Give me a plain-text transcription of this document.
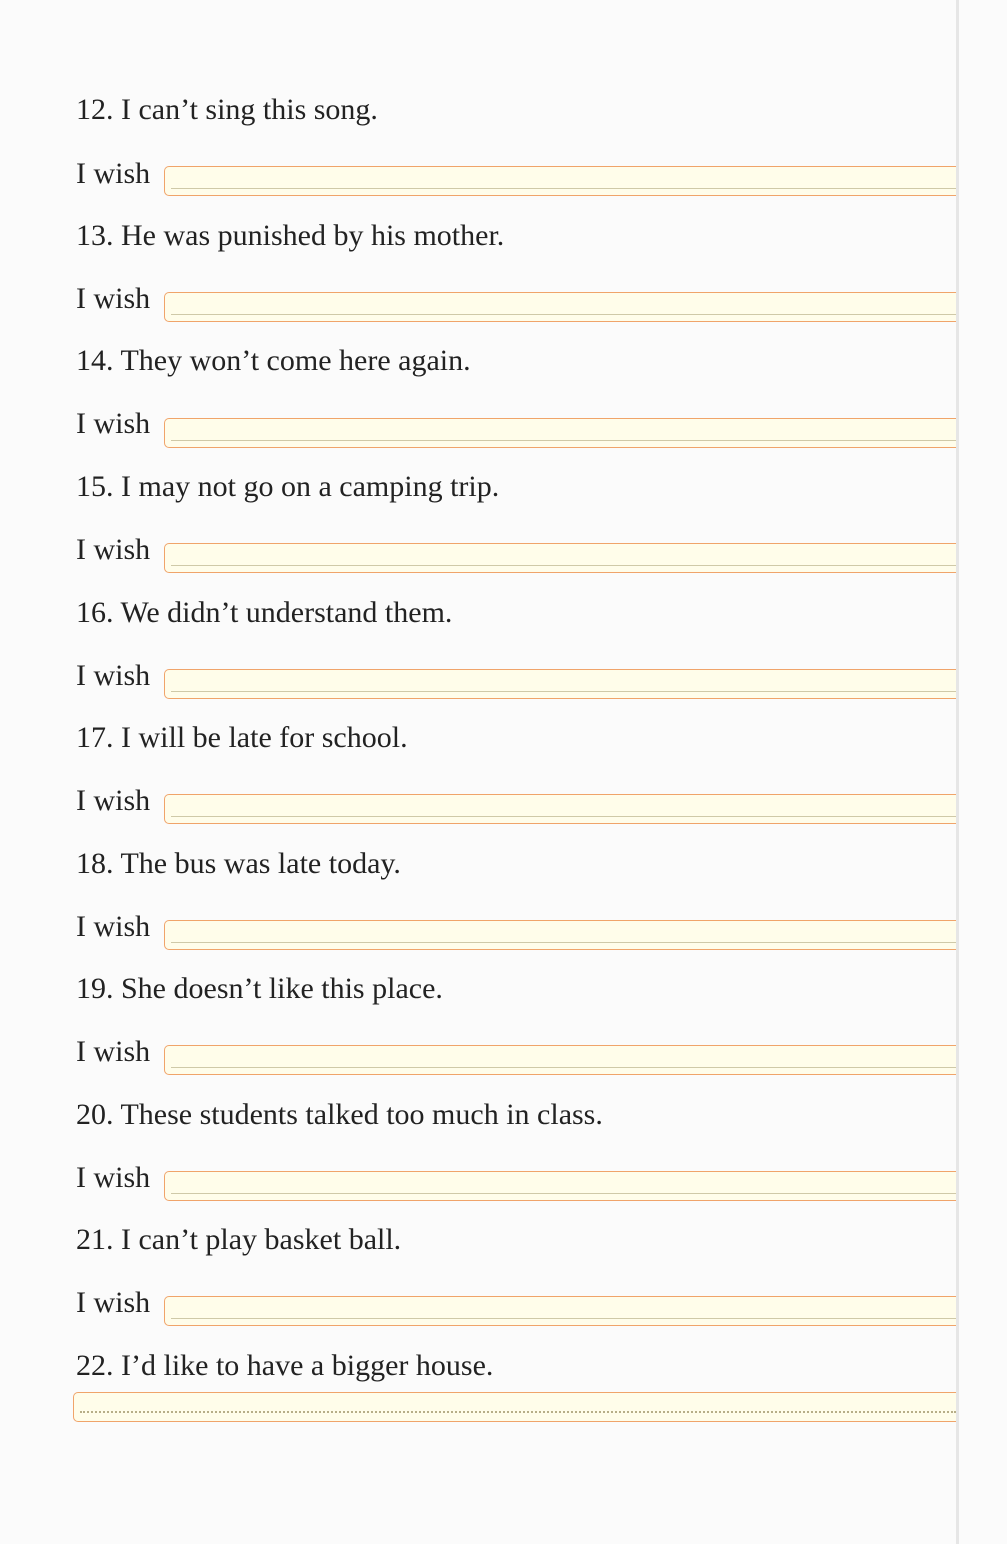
12. I can’t sing this song.
I wish
13. He was punished by his mother.
I wish
14. They won’t come here again.
I wish
15. I may not go on a camping trip.
I wish
16. We didn’t understand them.
I wish
17. I will be late for school.
I wish
18. The bus was late today.
I wish
19. She doesn’t like this place.
I wish
20. These students talked too much in class.
I wish
21. I can’t play basket ball.
I wish
22. I’d like to have a bigger house.
